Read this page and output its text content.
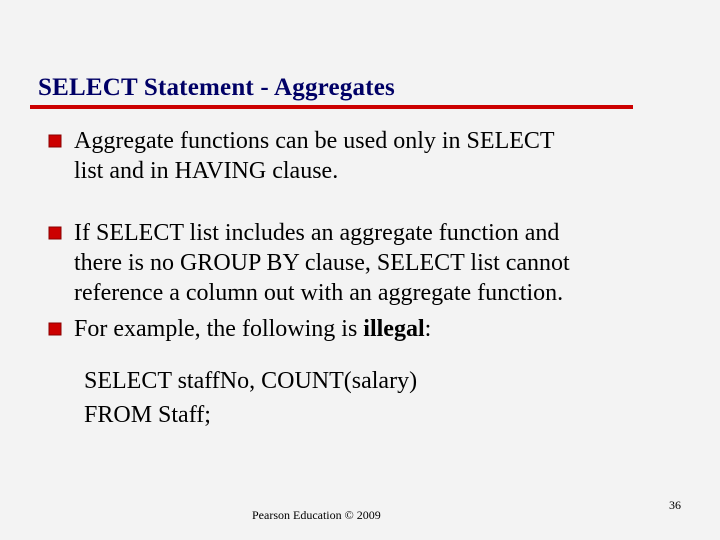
SELECT Statement - Aggregates
Aggregate functions can be used only in SELECT
list and in HAVING clause.
If SELECT list includes an aggregate function and
there is no GROUP BY clause, SELECT list cannot
reference a column out with an aggregate function.
For example, the following is illegal:
SELECT staffNo, COUNT(salary)
FROM Staff;
Pearson Education © 2009
36
